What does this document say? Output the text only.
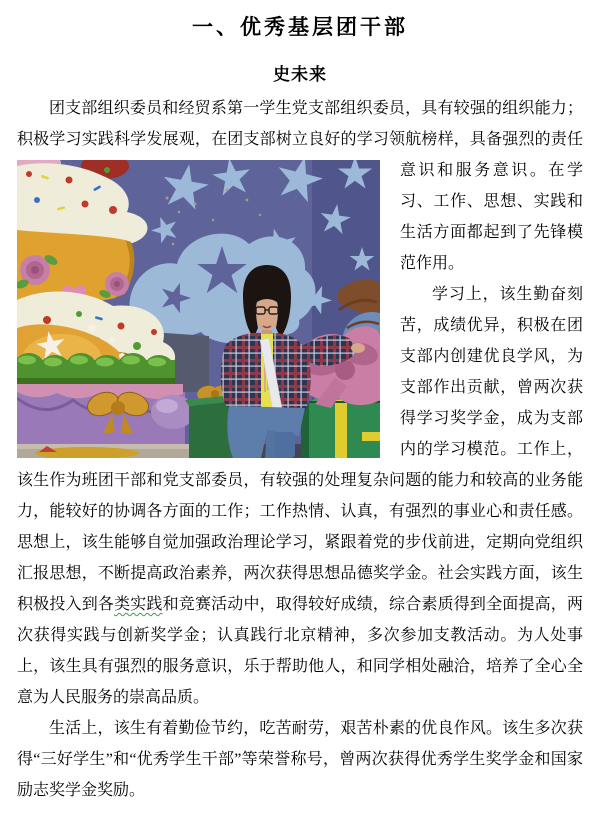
一、优秀基层团干部
史未来

团支部组织委员和经贸系第一学生党支部组织委员，具有较强的组织能力；积极学习实践科学发展观，在团支部树立良好的学习领航榜样，具备强烈的责任意识和服务意识。在学习、工作、思想、实践和生活方面都起到了先锋模范作用。

学习上，该生勤奋刻苦，成绩优异，积极在团支部内创建优良学风，为支部作出贡献，曾两次获得学习奖学金，成为支部内的学习模范。工作上，该生作为班团干部和党支部委员，有较强的处理复杂问题的能力和较高的业务能力，能较好的协调各方面的工作；工作热情、认真，有强烈的事业心和责任感。思想上，该生能够自觉加强政治理论学习，紧跟着党的步伐前进，定期向党组织汇报思想，不断提高政治素养，两次获得思想品德奖学金。社会实践方面，该生积极投入到各类实践和竞赛活动中，取得较好成绩，综合素质得到全面提高，两次获得实践与创新奖学金；认真践行北京精神，多次参加支教活动。为人处事上，该生具有强烈的服务意识，乐于帮助他人，和同学相处融洽，培养了全心全意为人民服务的崇高品质。

生活上，该生有着勤俭节约，吃苦耐劳，艰苦朴素的优良作风。该生多次获得“三好学生”和“优秀学生干部”等荣誉称号，曾两次获得优秀学生奖学金和国家励志奖学金奖励。
